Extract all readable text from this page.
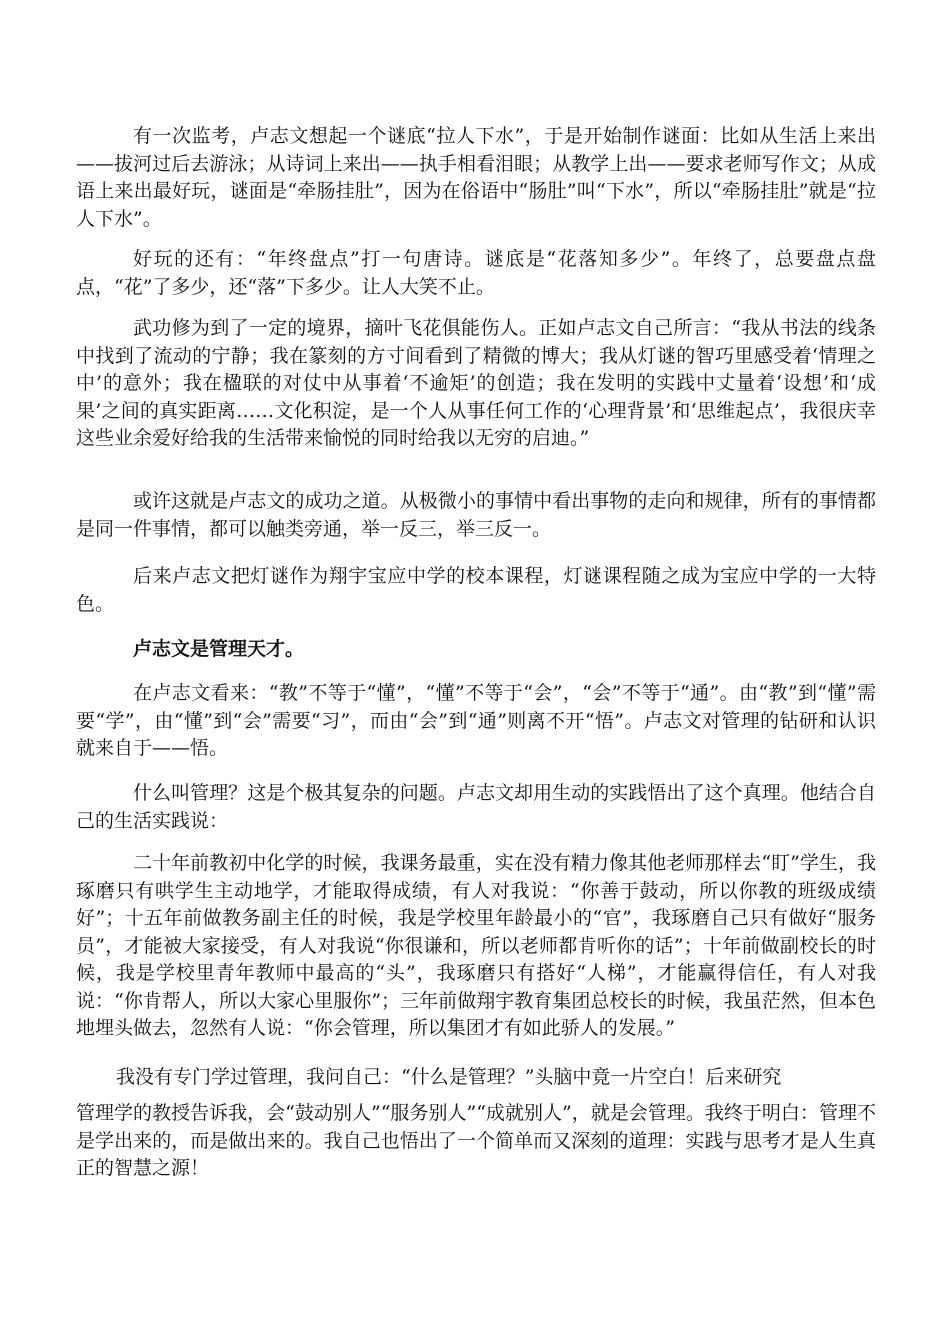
有一次监考，卢志文想起一个谜底“拉人下水”，于是开始制作谜面：比如从生活上来出——拔河过后去游泳；从诗词上来出——执手相看泪眼；从教学上出——要求老师写作文；从成语上来出最好玩，谜面是“牵肠挂肚”，因为在俗语中“肠肚”叫“下水”，所以“牵肠挂肚”就是“拉人下水”。

好玩的还有：“年终盘点”打一句唐诗。谜底是“花落知多少”。年终了，总要盘点盘点，“花”了多少，还“落”下多少。让人大笑不止。

武功修为到了一定的境界，摘叶飞花俱能伤人。正如卢志文自己所言：“我从书法的线条中找到了流动的宁静；我在篆刻的方寸间看到了精微的博大；我从灯谜的智巧里感受着‘情理之中’的意外；我在楹联的对仗中从事着‘不逾矩’的创造；我在发明的实践中丈量着‘设想’和‘成果’之间的真实距离……文化积淀，是一个人从事任何工作的‘心理背景’和‘思维起点’，我很庆幸这些业余爱好给我的生活带来愉悦的同时给我以无穷的启迪。”

或许这就是卢志文的成功之道。从极微小的事情中看出事物的走向和规律，所有的事情都是同一件事情，都可以触类旁通，举一反三，举三反一。

后来卢志文把灯谜作为翔宇宝应中学的校本课程，灯谜课程随之成为宝应中学的一大特色。

卢志文是管理天才。

在卢志文看来：“教”不等于“懂”，“懂”不等于“会”，“会”不等于“通”。由“教”到“懂”需要“学”，由“懂”到“会”需要“习”，而由“会”到“通”则离不开“悟”。卢志文对管理的钻研和认识就来自于——悟。

什么叫管理？这是个极其复杂的问题。卢志文却用生动的实践悟出了这个真理。他结合自己的生活实践说：

二十年前教初中化学的时候，我课务最重，实在没有精力像其他老师那样去“盯”学生，我琢磨只有哄学生主动地学，才能取得成绩，有人对我说：“你善于鼓动，所以你教的班级成绩好”；十五年前做教务副主任的时候，我是学校里年龄最小的“官”，我琢磨自己只有做好“服务员”，才能被大家接受，有人对我说“你很谦和，所以老师都肯听你的话”；十年前做副校长的时候，我是学校里青年教师中最高的“头”，我琢磨只有搭好“人梯”，才能赢得信任，有人对我说：“你肯帮人，所以大家心里服你”；三年前做翔宇教育集团总校长的时候，我虽茫然，但本色地埋头做去，忽然有人说：“你会管理，所以集团才有如此骄人的发展。”

我没有专门学过管理，我问自己：“什么是管理？”头脑中竟一片空白！后来研究

管理学的教授告诉我，会“鼓动别人”“服务别人”“成就别人”，就是会管理。我终于明白：管理不是学出来的，而是做出来的。我自己也悟出了一个简单而又深刻的道理：实践与思考才是人生真正的智慧之源！
